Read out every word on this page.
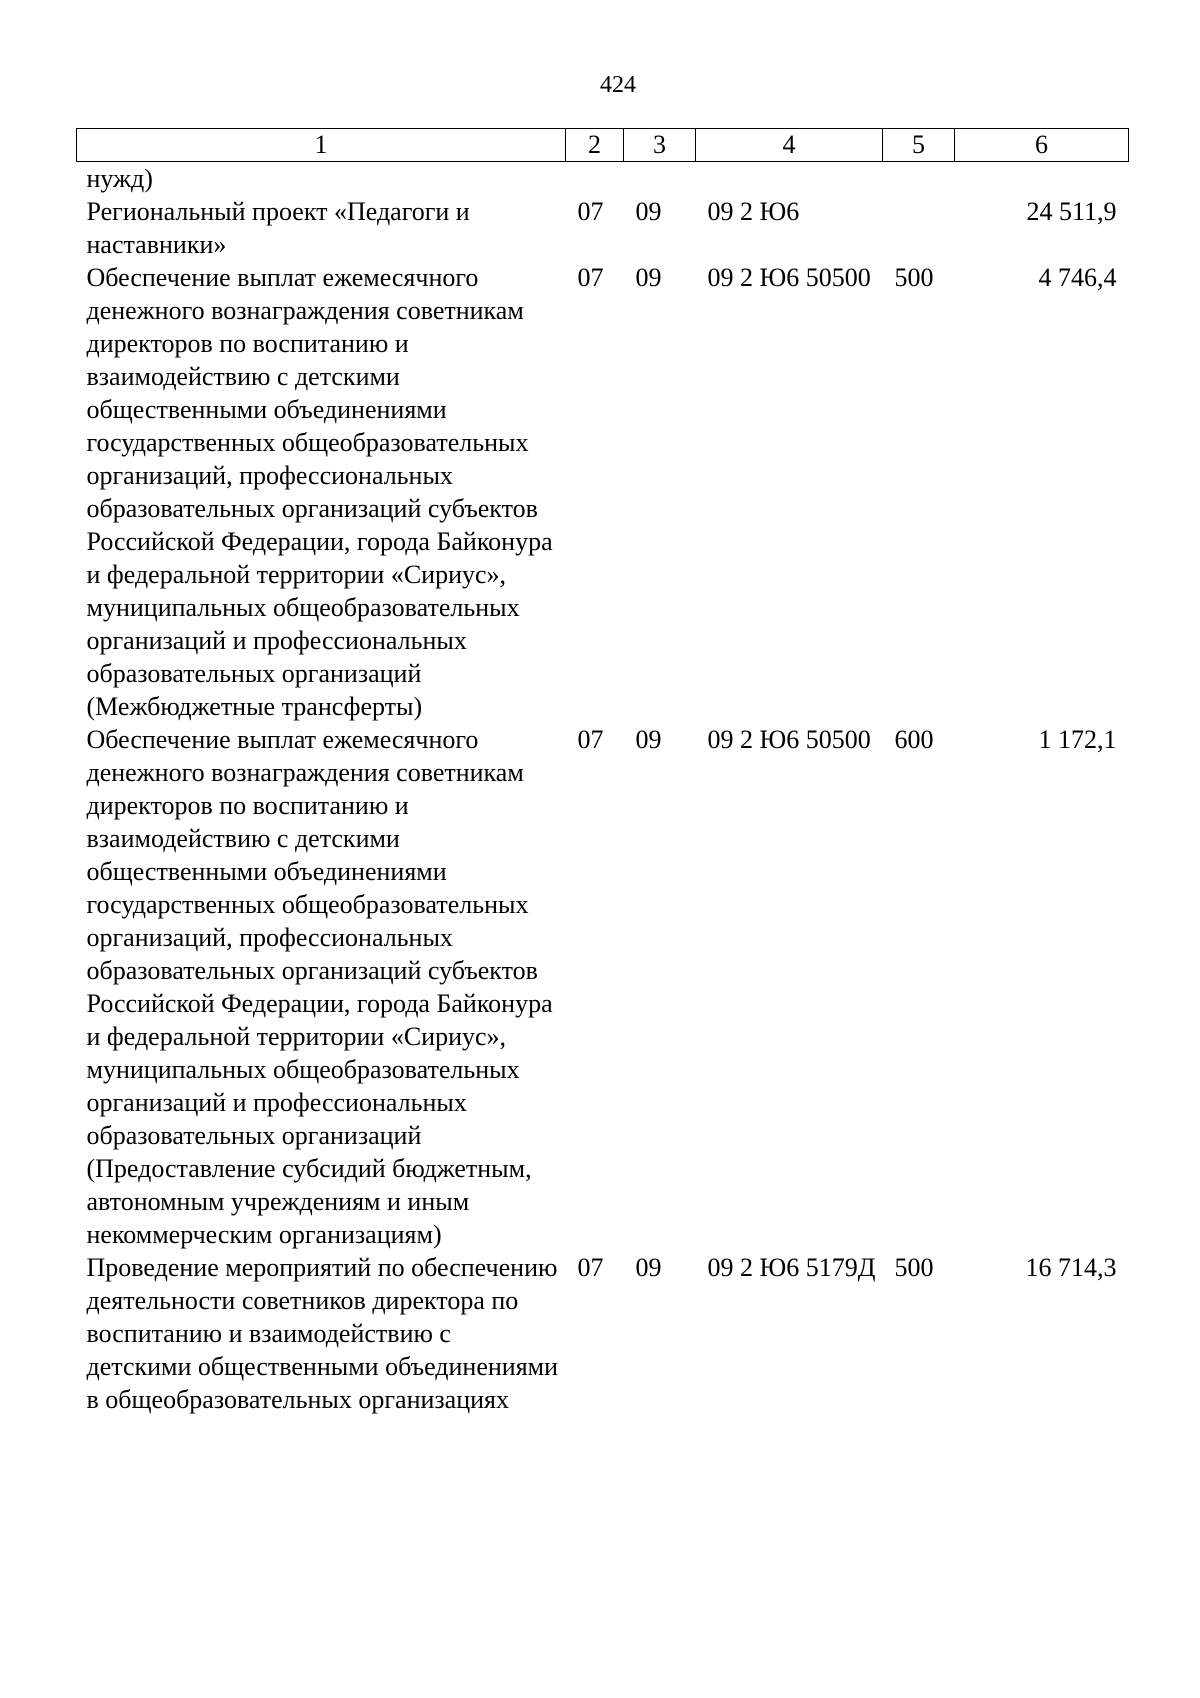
424
1	2	3	4	5	6
нужд)					
Региональный проект «Педагоги и наставники»	07	09	09 2 Ю6		24 511,9
Обеспечение выплат ежемесячного денежного вознаграждения советникам директоров по воспитанию и взаимодействию с детскими общественными объединениями государственных общеобразовательных организаций, профессиональных образовательных организаций субъектов Российской Федерации, города Байконура и федеральной территории «Сириус», муниципальных общеобразовательных организаций и профессиональных образовательных организаций (Межбюджетные трансферты)	07	09	09 2 Ю6 50500	500	4 746,4
Обеспечение выплат ежемесячного денежного вознаграждения советникам директоров по воспитанию и взаимодействию с детскими общественными объединениями государственных общеобразовательных организаций, профессиональных образовательных организаций субъектов Российской Федерации, города Байконура и федеральной территории «Сириус», муниципальных общеобразовательных организаций и профессиональных образовательных организаций (Предоставление субсидий бюджетным, автономным учреждениям и иным некоммерческим организациям)	07	09	09 2 Ю6 50500	600	1 172,1
Проведение мероприятий по обеспечению деятельности советников директора по воспитанию и взаимодействию с детскими общественными объединениями в общеобразовательных организациях	07	09	09 2 Ю6 5179Д	500	16 714,3
